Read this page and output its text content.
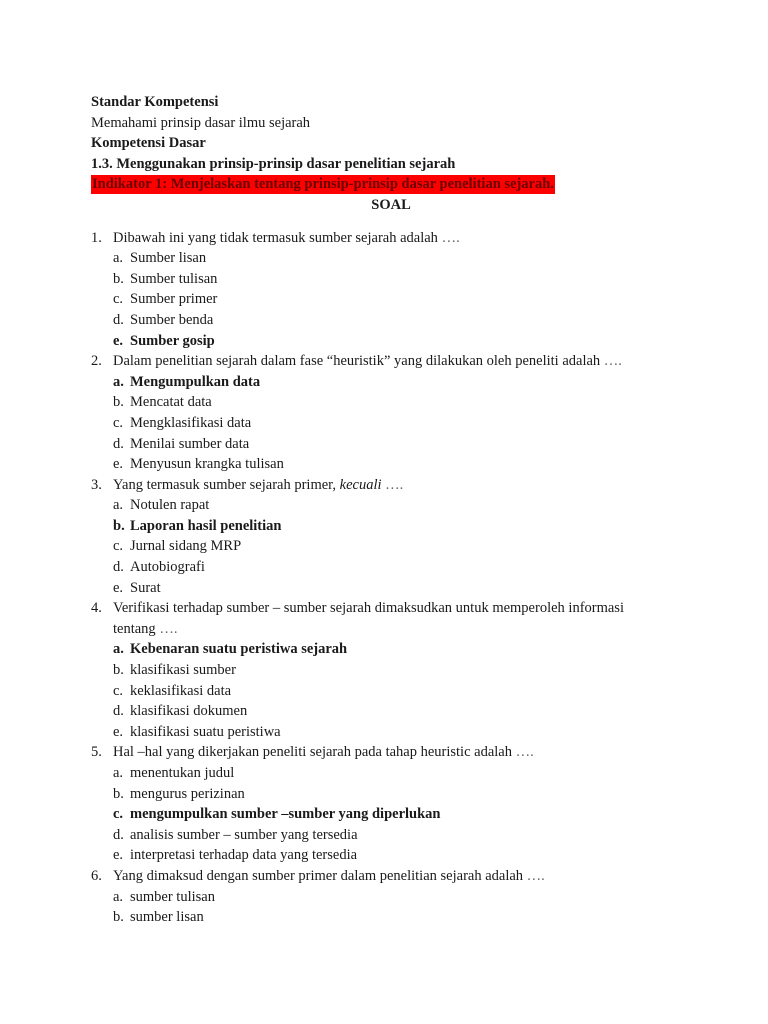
Standar Kompetensi
Memahami prinsip dasar ilmu sejarah
Kompetensi Dasar
1.3. Menggunakan prinsip-prinsip dasar penelitian sejarah
Indikator 1: Menjelaskan tentang prinsip-prinsip dasar penelitian sejarah.
SOAL
1. Dibawah ini yang tidak termasuk sumber sejarah adalah ….
a. Sumber lisan
b. Sumber tulisan
c. Sumber primer
d. Sumber benda
e. Sumber gosip
2. Dalam penelitian sejarah dalam fase “heuristik” yang dilakukan oleh peneliti adalah ….
a. Mengumpulkan data
b. Mencatat data
c. Mengklasifikasi data
d. Menilai sumber data
e. Menyusun krangka tulisan
3. Yang termasuk sumber sejarah primer, kecuali ….
a. Notulen rapat
b. Laporan hasil penelitian
c. Jurnal sidang MRP
d. Autobiografi
e. Surat
4. Verifikasi terhadap sumber – sumber sejarah dimaksudkan untuk memperoleh informasi
tentang ….
a. Kebenaran suatu peristiwa sejarah
b. klasifikasi sumber
c. keklasifikasi data
d. klasifikasi dokumen
e. klasifikasi suatu peristiwa
5. Hal –hal yang dikerjakan peneliti sejarah pada tahap heuristic adalah ….
a. menentukan judul
b. mengurus perizinan
c. mengumpulkan sumber –sumber yang diperlukan
d. analisis sumber – sumber yang tersedia
e. interpretasi terhadap data yang tersedia
6. Yang dimaksud dengan sumber primer dalam penelitian sejarah adalah ….
a. sumber tulisan
b. sumber lisan
